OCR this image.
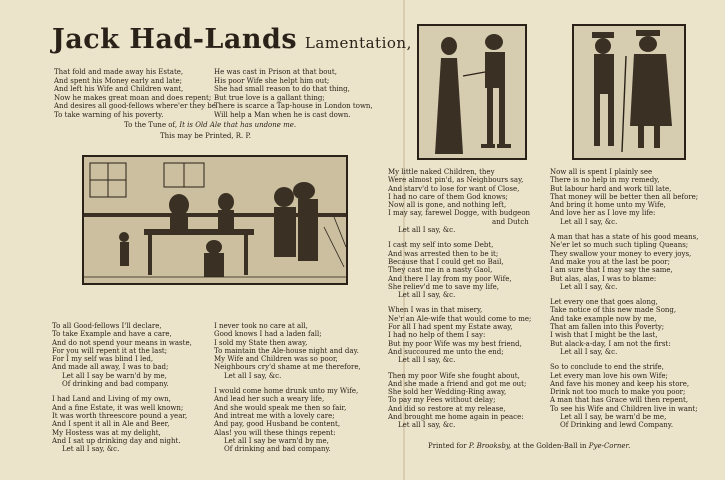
Jack Had-Lands Lamentation,
That fold and made away his Estate,
And spent his Money early and late;
And left his Wife and Children want,
Now he makes great moan and does repent;
And desires all good-fellows where'er they be
To take warning of his poverty.
He was cast in Prison at that bout,
His poor Wife she helpt him out;
She had small reason to do that thing,
But true love is a gallant thing;
There is scarce a Tap-house in London town,
Will help a Man when he is cast down.
To the Tune of, It is Old Ale that has undone me.
This may be Printed, R. P.
To all Good-fellows I'll declare,
To take Example and have a care,
And do not spend your means in waste,
For you will repent it at the last;
For I my self was blind I led,
And made all away, I was to bad;
Let all I say be warn'd by me,
Of drinking and bad company.
I had Land and Living of my own,
And a fine Estate, it was well known;
It was worth threescore pound a year,
And I spent it all in Ale and Beer,
My Hostess was at my delight,
And I sat up drinking day and night.
Let all I say, &c.
I never took no care at all,
Good knows I had a laden fall;
I sold my State then away,
To maintain the Ale-house night and day.
My Wife and Children was so poor,
Neighbours cry'd shame at me therefore,
Let all I say, &c.
I would come home drunk unto my Wife,
And lead her such a weary life,
And she would speak me then so fair,
And intreat me with a lovely care;
And pay, good Husband be content,
Alas! you will these things repent:
Let all I say be warn'd by me,
Of drinking and bad company.
My little naked Children, they
Were almost pin'd, as Neighbours say,
And starv'd to lose for want of Close,
I had no care of them God knows;
Now all is gone, and nothing left,
I may say, farewel Dogge, with budgeon
and Dutch
Let all I say, &c.
I cast my self into some Debt,
And was arrested then to be it;
Because that I could get no Bail,
They cast me in a nasty Gaol,
And there I lay from my poor Wife,
She reliev'd me to save my life,
Let all I say, &c.
When I was in that misery,
Ne'r an Ale-wife that would come to me;
For all I had spent my Estate away,
I had no help of them I say:
But my poor Wife was my best friend,
And succoured me unto the end;
Let all I say, &c.
Then my poor Wife she fought about,
And she made a friend and got me out;
She sold her Wedding-Ring away,
To pay my Fees without delay;
And did so restore at my release,
And brought me home again in peace:
Let all I say, &c.
Now all is spent I plainly see
There is no help in my remedy,
But labour hard and work till late,
That money will be better then all before;
And bring it home unto my Wife,
And love her as I love my life:
Let all I say, &c.
A man that has a state of his good means,
Ne'er let so much such tipling Queans;
They swallow your money to every joys,
And make you at the last be poor;
I am sure that I may say the same,
But alas, alas, I was to blame:
Let all I say, &c.
Let every one that goes along,
Take notice of this new made Song,
And take example now by me,
That am fallen into this Poverty;
I wish that I might be the last,
But alack-a-day, I am not the first:
Let all I say, &c.
So to conclude to end the strife,
Let every man love his own Wife;
And fave his money and keep his store,
Drink not too much to make you poor;
A man that has Grace will then repent,
To see his Wife and Children live in want;
Let all I say, be warn'd be me,
Of Drinking and lewd Company.
Printed for P. Brooksby, at the Golden-Ball in Pye-Corner.
